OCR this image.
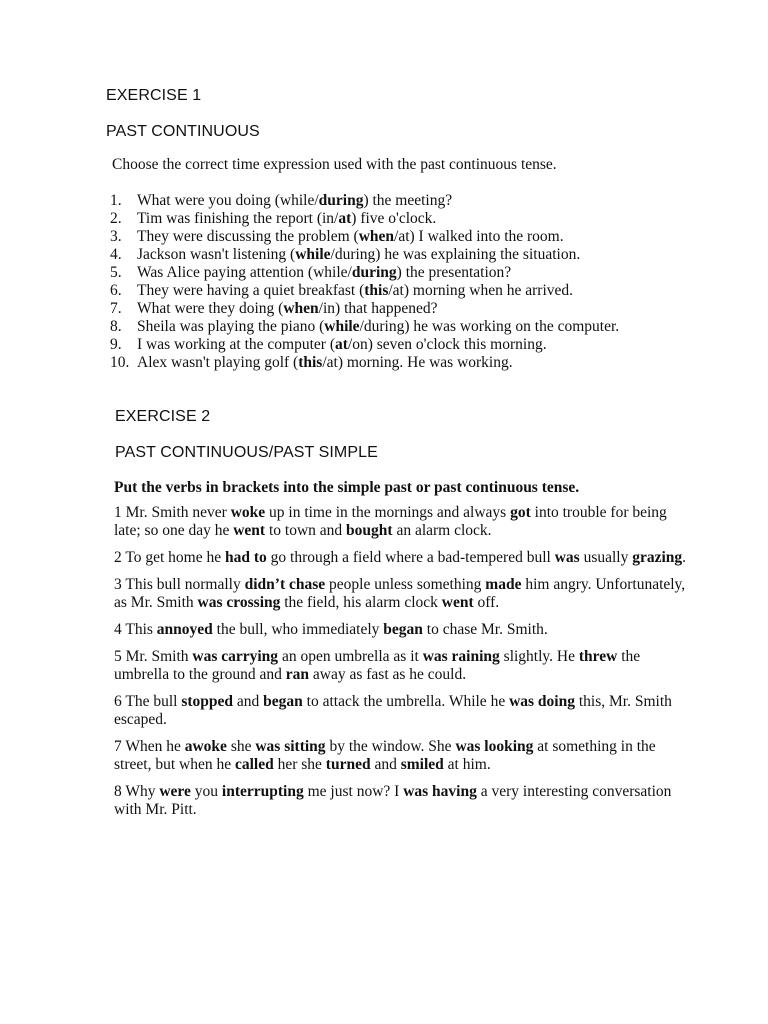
EXERCISE 1
PAST CONTINUOUS
Choose the correct time expression used with the past continuous tense.
1. What were you doing (while/during) the meeting?
2. Tim was finishing the report (in/at) five o'clock.
3. They were discussing the problem (when/at) I walked into the room.
4. Jackson wasn't listening (while/during) he was explaining the situation.
5. Was Alice paying attention (while/during) the presentation?
6. They were having a quiet breakfast (this/at) morning when he arrived.
7. What were they doing (when/in) that happened?
8. Sheila was playing the piano (while/during) he was working on the computer.
9. I was working at the computer (at/on) seven o'clock this morning.
10. Alex wasn't playing golf (this/at) morning. He was working.
EXERCISE 2
PAST CONTINUOUS/PAST SIMPLE

Put the verbs in brackets into the simple past or past continuous tense.

1 Mr. Smith never woke up in time in the mornings and always got into trouble for being late; so one day he went to town and bought an alarm clock.

2 To get home he had to go through a field where a bad-tempered bull was usually grazing.

3 This bull normally didn’t chase people unless something made him angry. Unfortunately, as Mr. Smith was crossing the field, his alarm clock went off.

4 This annoyed the bull, who immediately began to chase Mr. Smith.

5 Mr. Smith was carrying an open umbrella as it was raining slightly. He threw the umbrella to the ground and ran away as fast as he could.

6 The bull stopped and began to attack the umbrella. While he was doing this, Mr. Smith escaped.

7 When he awoke she was sitting by the window. She was looking at something in the street, but when he called her she turned and smiled at him.

8 Why were you interrupting me just now? I was having a very interesting conversation with Mr. Pitt.
